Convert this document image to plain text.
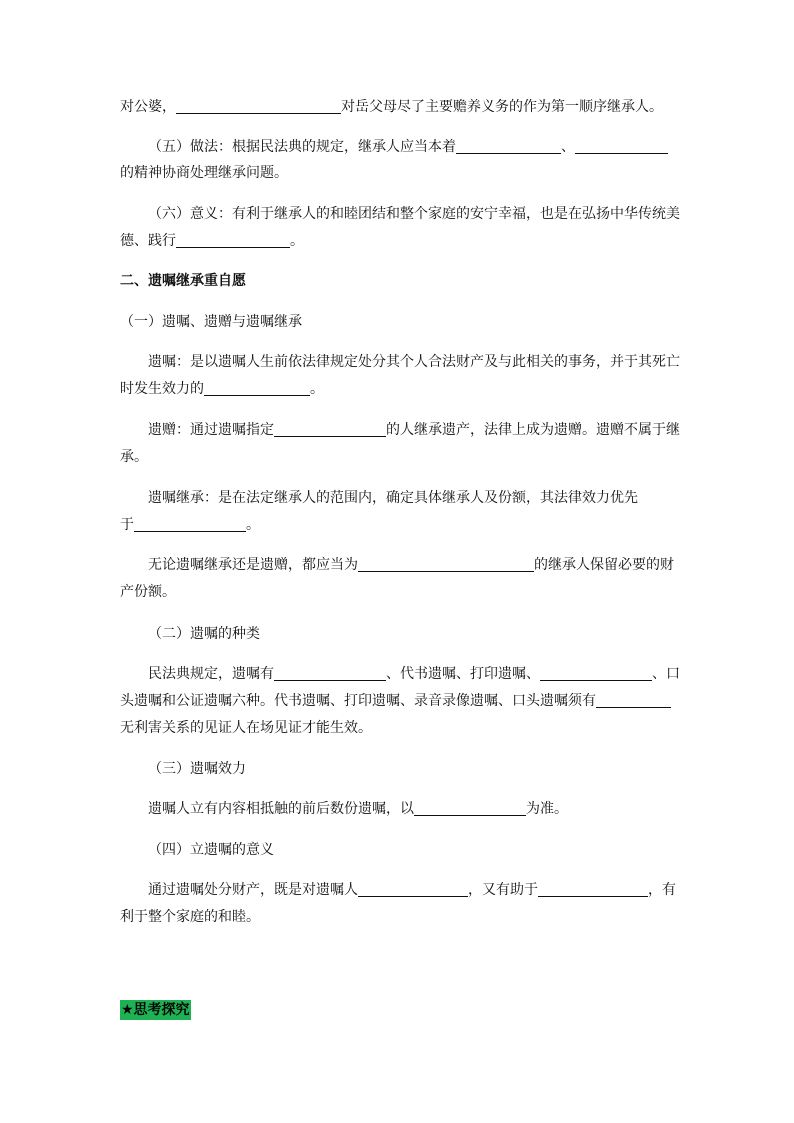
对公婆，	对岳父母尽了主要赡养义务的作为第一顺序继承人。
（五）做法：根据民法典的规定，继承人应当本着	、
的精神协商处理继承问题。
（六）意义：有利于继承人的和睦团结和整个家庭的安宁幸福，也是在弘扬中华传统美
德、践行	。
二、遗嘱继承重自愿
（一）遗嘱、遗赠与遗嘱继承
遗嘱：是以遗嘱人生前依法律规定处分其个人合法财产及与此相关的事务，并于其死亡
时发生效力的	。
遗赠：通过遗嘱指定	的人继承遗产，法律上成为遗赠。遗赠不属于继
承。
遗嘱继承：是在法定继承人的范围内，确定具体继承人及份额，其法律效力优先
于	。
无论遗嘱继承还是遗赠，都应当为	的继承人保留必要的财
产份额。
（二）遗嘱的种类
民法典规定，遗嘱有	、代书遗嘱、打印遗嘱、	、口
头遗嘱和公证遗嘱六种。代书遗嘱、打印遗嘱、录音录像遗嘱、口头遗嘱须有
无利害关系的见证人在场见证才能生效。
（三）遗嘱效力
遗嘱人立有内容相抵触的前后数份遗嘱，以	为准。
（四）立遗嘱的意义
通过遗嘱处分财产，既是对遗嘱人	，又有助于	，有
利于整个家庭的和睦。
★思考探究
